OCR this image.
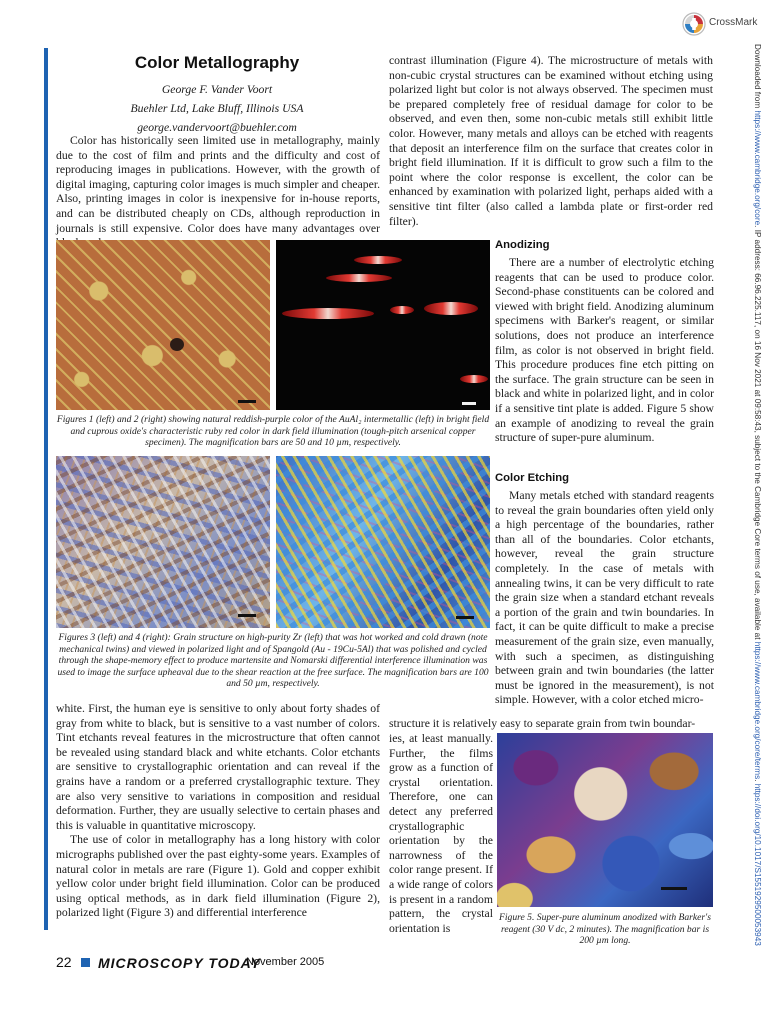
CrossMark
Downloaded from https://www.cambridge.org/core. IP address: 66.96.225.117, on 16 Nov 2021 at 09:58:43, subject to the Cambridge Core terms of use, available at https://www.cambridge.org/core/terms. https://doi.org/10.1017/S1551929500053943
Color Metallography
George F. Vander Voort
Buehler Ltd, Lake Bluff, Illinois USA
george.vandervoort@buehler.com

Color has historically seen limited use in metallography, mainly due to the cost of film and prints and the difficulty and cost of reproducing images in publications. However, with the growth of digital imaging, capturing color images is much simpler and cheaper. Also, printing images in color is inexpensive for in-house reports, and can be distributed cheaply on CDs, although reproduction in journals is still expensive. Color does have many advantages over

contrast illumination (Figure 4). The microstructure of metals with non-cubic crystal structures can be examined without etching using polarized light but color is not always observed. The specimen must be prepared completely free of residual damage for color to be observed, and even then, some non-cubic metals still exhibit little color. However, many metals and alloys can be etched with reagents that deposit an interference film on the surface that creates color in bright field illumination. If it is difficult to grow such a film to the point where the color response is excellent, the color can be enhanced by examination with polarized light, perhaps aided with a sensitive tint filter (also called a lambda plate or first-order red filter).

Figures 1 (left) and 2 (right) showing natural reddish-purple color of the AuAl₂ intermetallic (left) in bright field and cuprous oxide's characteristic ruby red color in dark field illumination (tough-pitch arsenical copper specimen). The magnification bars are 50 and 10 µm, respectively.
Figures 3 (left) and 4 (right): Grain structure on high-purity Zr (left) that was hot worked and cold drawn (note mechanical twins) and viewed in polarized light and of Spangold (Au - 19Cu-5Al) that was polished and cycled through the shape-memory effect to produce martensite and Nomarski differential interference illumination was used to image the surface upheaval due to the shear reaction at the free surface. The magnification bars are 100 and 50 µm, respectively.
Anodizing

There are a number of electrolytic etching reagents that can be used to produce color. Second-phase constituents can be colored and viewed with bright field. Anodizing aluminum specimens with Barker's reagent, or similar solutions, does not produce an interference film, as color is not observed in bright field. This procedure produces fine etch pitting on the surface. The grain structure can be seen in black and white in polarized light, and in color if a sensitive tint plate is added. Figure 5 show an example of anodizing to reveal the grain structure of super-pure aluminum.

Color Etching

Many metals etched with standard reagents to reveal the grain boundaries often yield only a high percentage of the boundaries, rather than all of the boundaries. Color etchants, however, reveal the grain structure completely. In the case of metals with annealing twins, it can be very difficult to rate the grain size when a standard etchant reveals a portion of the grain and twin boundaries. In fact, it can be quite difficult to make a precise measurement of the grain size, even manually, with such a specimen, as distinguishing between grain and twin boundaries (the latter must be ignored in the measurement), is not simple. However, with a color etched micro-

white. First, the human eye is sensitive to only about forty shades of gray from white to black, but is sensitive to a vast number of colors. Tint etchants reveal features in the microstructure that often cannot be revealed using standard black and white etchants. Color etchants are sensitive to crystallographic orientation and can reveal if the grains have a random or a preferred crystallographic texture. They are also very sensitive to variations in composition and residual deformation. Further, they are usually selective to certain phases and this is valuable in quantitative microscopy.

The use of color in metallography has a long history with color micrographs published over the past eighty-some years. Examples of natural color in metals are rare (Figure 1). Gold and copper exhibit yellow color under bright field illumination. Color can be produced using optical methods, as in dark field illumination (Figure 2), polarized light (Figure 3) and differential interference

structure it is relatively easy to separate grain from twin boundar-

ies, at least manually. Further, the films grow as a function of crystal orientation. Therefore, one can detect any preferred crystallographic orientation by the narrowness of the color range present. If a wide range of colors is present in a random pattern, the crystal orientation is

Figure 5. Super-pure aluminum anodized with Barker's reagent (30 V dc, 2 minutes). The magnification bar is 200 µm long.
22 MICROSCOPY TODAY
November 2005
